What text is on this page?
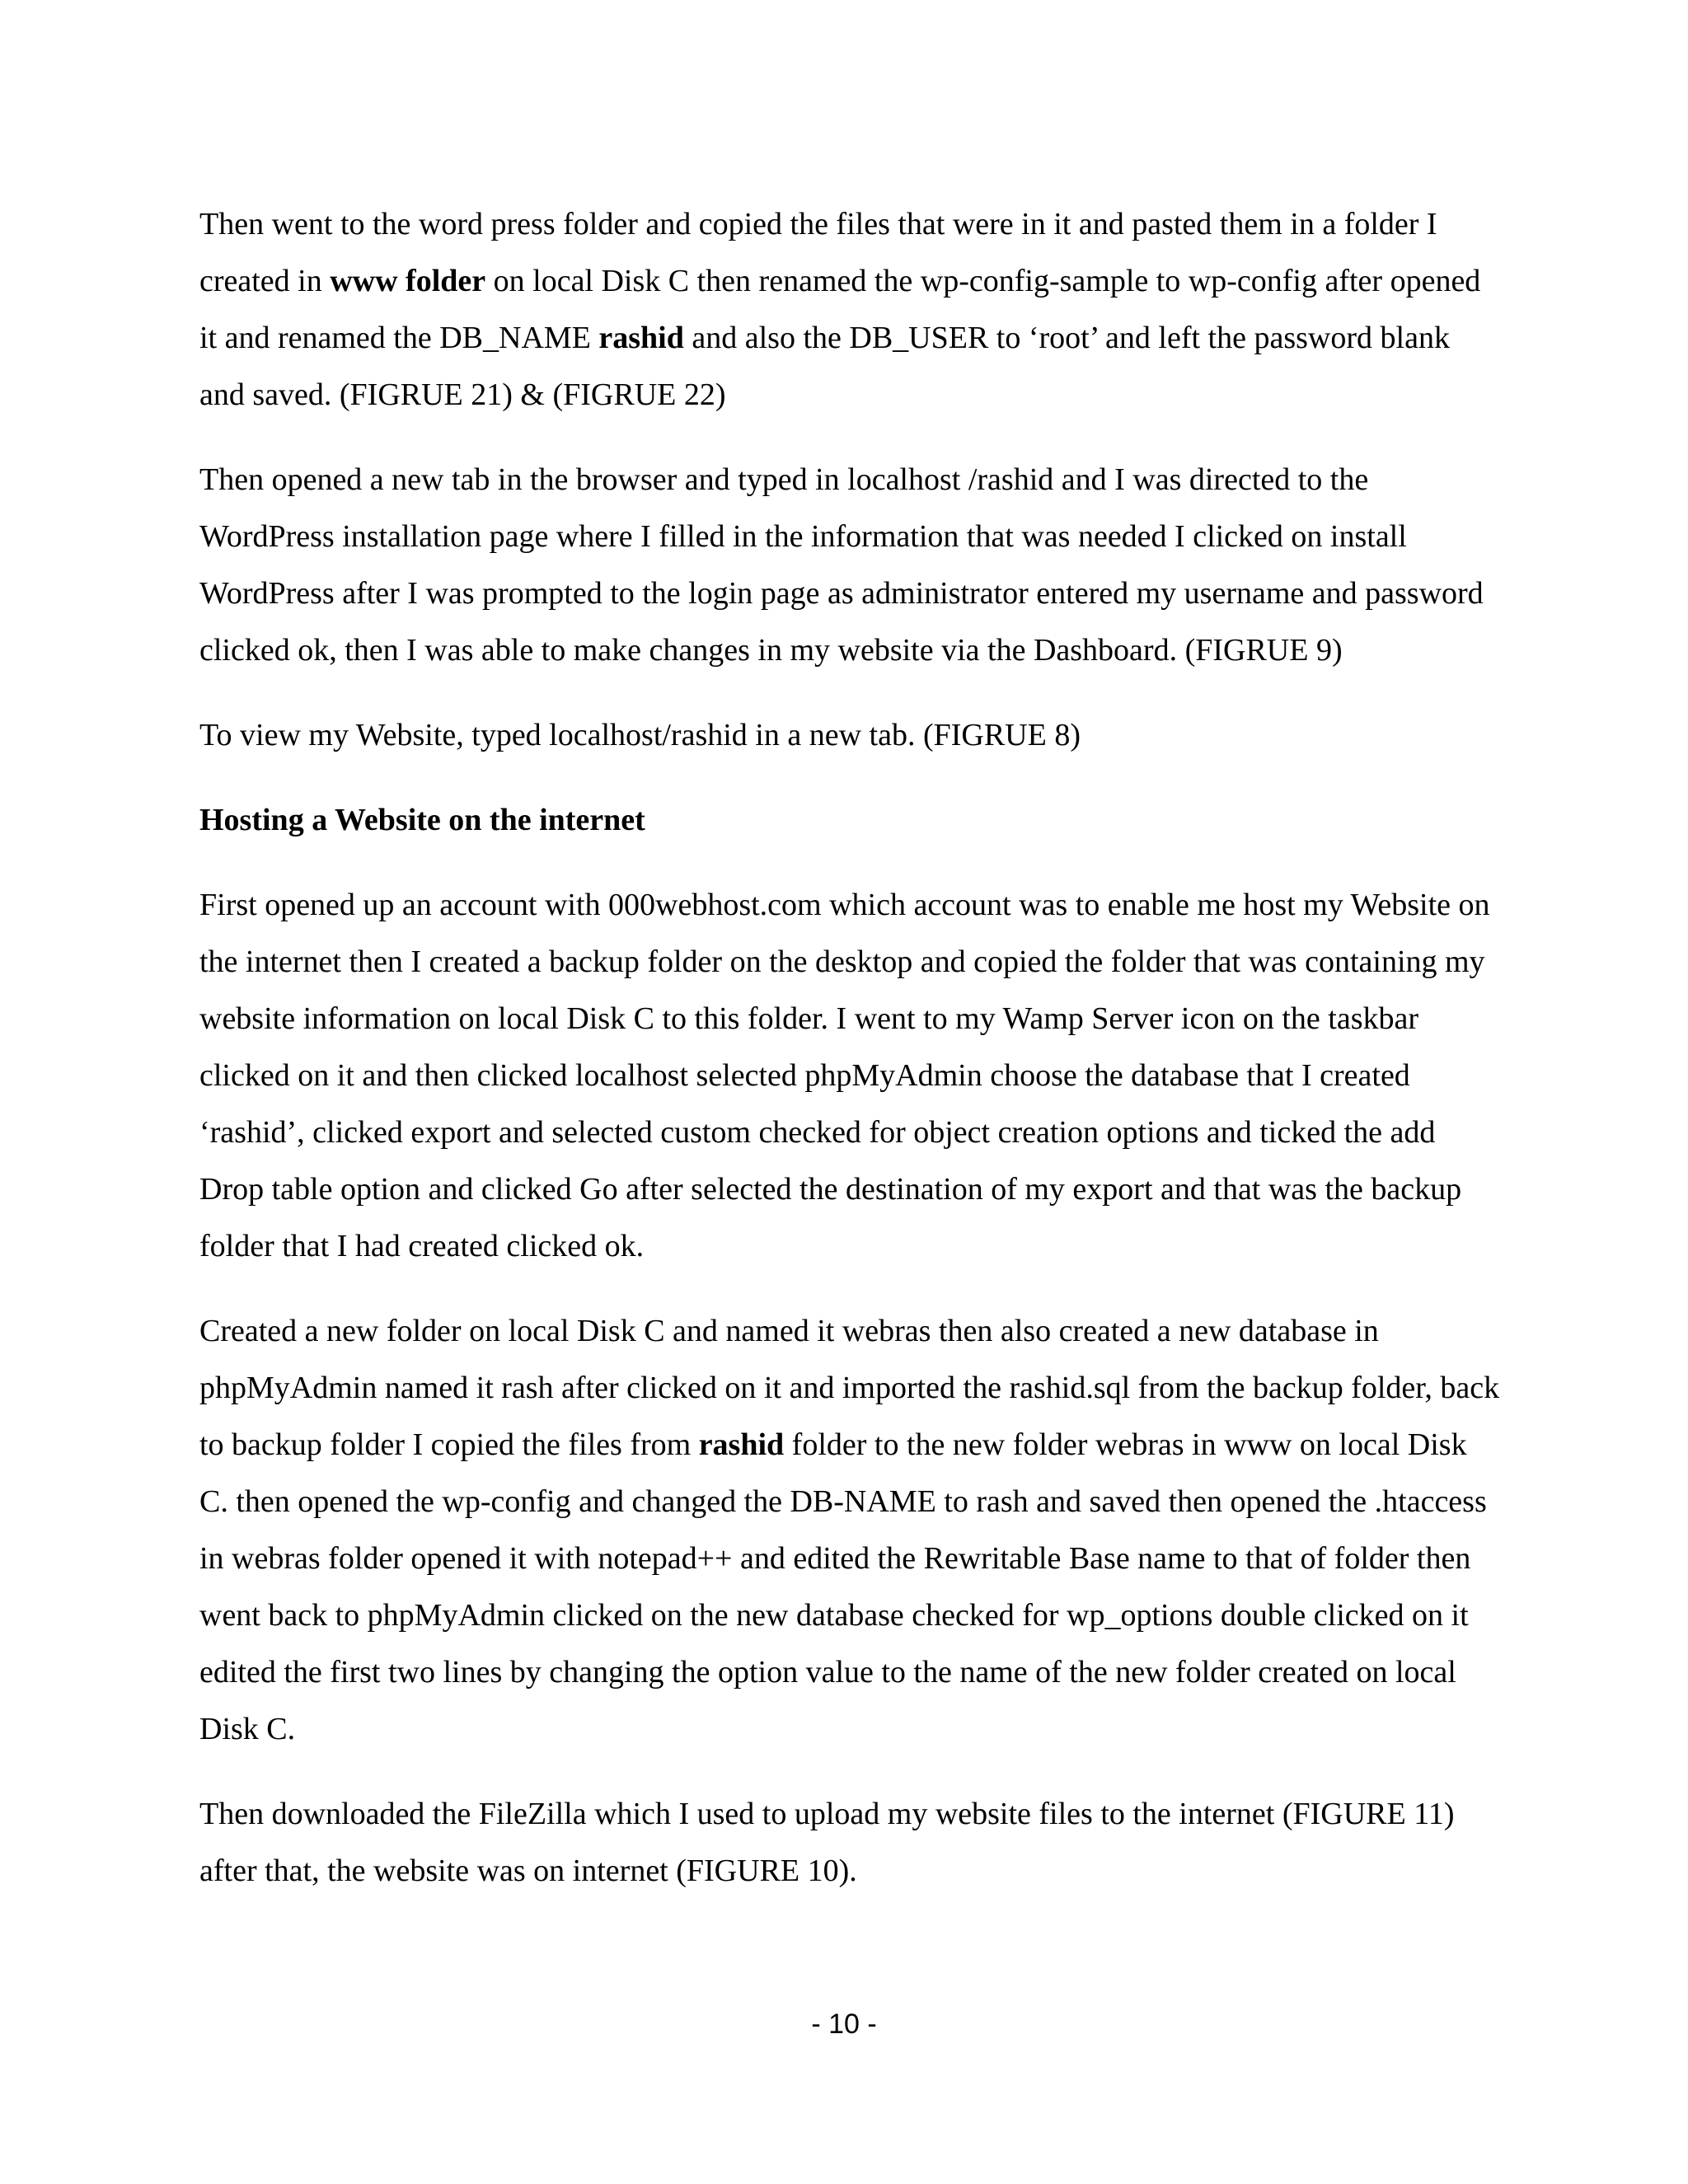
Then went to the word press folder and copied the files that were in it and pasted them in a folder I created in www folder on local Disk C then renamed the wp-config-sample to wp-config after opened it and renamed the DB_NAME rashid and also the DB_USER to ‘root’ and left the password blank and saved. (FIGRUE 21) & (FIGRUE 22)

Then opened a new tab in the browser and typed in localhost /rashid and I was directed to the WordPress installation page where I filled in the information that was needed I clicked on install WordPress after I was prompted to the login page as administrator entered my username and password clicked ok, then I was able to make changes in my website via the Dashboard. (FIGRUE 9)

To view my Website, typed localhost/rashid in a new tab. (FIGRUE 8)

Hosting a Website on the internet

First opened up an account with 000webhost.com which account was to enable me host my Website on the internet then I created a backup folder on the desktop and copied the folder that was containing my website information on local Disk C to this folder. I went to my Wamp Server icon on the taskbar clicked on it and then clicked localhost selected phpMyAdmin choose the database that I created ‘rashid’, clicked export and selected custom checked for object creation options and ticked the add Drop table option and clicked Go after selected the destination of my export and that was the backup folder that I had created clicked ok.

Created a new folder on local Disk C and named it webras then also created a new database in phpMyAdmin named it rash after clicked on it and imported the rashid.sql from the backup folder, back to backup folder I copied the files from rashid folder to the new folder webras in www on local Disk C. then opened the wp-config and changed the DB-NAME to rash and saved then opened the .htaccess in webras folder opened it with notepad++ and edited the Rewritable Base name to that of folder then went back to phpMyAdmin clicked on the new database checked for wp_options double clicked on it edited the first two lines by changing the option value to the name of the new folder created on local Disk C.

Then downloaded the FileZilla which I used to upload my website files to the internet (FIGURE 11) after that, the website was on internet (FIGURE 10).

- 10 -
